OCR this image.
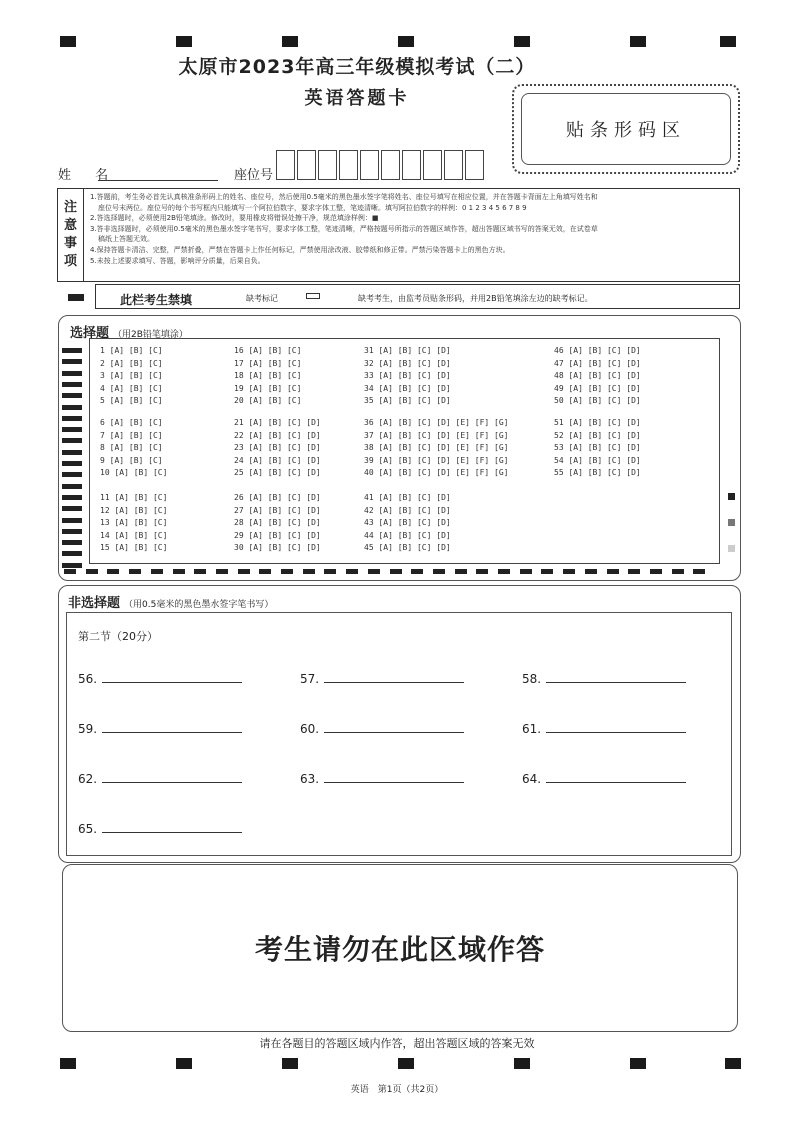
太原市2023年高三年级模拟考试（二）
英语答题卡
贴条形码区
姓 名	座位号
注
意
事
项
1.答题前，考生务必首先认真核准条形码上的姓名、座位号，然后使用0.5毫米的黑色墨水签字笔将姓名、座位号填写在相应位置，并在答题卡背面左上角填写姓名和
座位号末两位。座位号的每个书写框内只能填写一个阿拉伯数字，要求字体工整，笔迹清晰。填写阿拉伯数字的样例：0 1 2 3 4 5 6 7 8 9
2.答选择题时，必须使用2B铅笔填涂。修改时，要用橡皮将错误处擦干净，规范填涂样例：■
3.答非选择题时，必须使用0.5毫米的黑色墨水签字笔书写，要求字体工整，笔迹清晰，严格按题号所指示的答题区域作答，超出答题区域书写的答案无效，在试卷草
稿纸上答题无效。
4.保持答题卡清洁、完整，严禁折叠，严禁在答题卡上作任何标记，严禁使用涂改液、胶带纸和修正带。严禁污染答题卡上的黑色方块。
5.未按上述要求填写、答题，影响评分质量，后果自负。
此栏考生禁填	缺考标记	缺考考生，由监考员贴条形码，并用2B铅笔填涂左边的缺考标记。
选择题 （用2B铅笔填涂）
1 [A] [B] [C]
2 [A] [B] [C]
3 [A] [B] [C]
4 [A] [B] [C]
5 [A] [B] [C]
6 [A] [B] [C]
7 [A] [B] [C]
8 [A] [B] [C]
9 [A] [B] [C]
10 [A] [B] [C]
11 [A] [B] [C]
12 [A] [B] [C]
13 [A] [B] [C]
14 [A] [B] [C]
15 [A] [B] [C]
16 [A] [B] [C]
17 [A] [B] [C]
18 [A] [B] [C]
19 [A] [B] [C]
20 [A] [B] [C]
21 [A] [B] [C] [D]
22 [A] [B] [C] [D]
23 [A] [B] [C] [D]
24 [A] [B] [C] [D]
25 [A] [B] [C] [D]
26 [A] [B] [C] [D]
27 [A] [B] [C] [D]
28 [A] [B] [C] [D]
29 [A] [B] [C] [D]
30 [A] [B] [C] [D]
31 [A] [B] [C] [D]
32 [A] [B] [C] [D]
33 [A] [B] [C] [D]
34 [A] [B] [C] [D]
35 [A] [B] [C] [D]
36 [A] [B] [C] [D] [E] [F] [G]
37 [A] [B] [C] [D] [E] [F] [G]
38 [A] [B] [C] [D] [E] [F] [G]
39 [A] [B] [C] [D] [E] [F] [G]
40 [A] [B] [C] [D] [E] [F] [G]
41 [A] [B] [C] [D]
42 [A] [B] [C] [D]
43 [A] [B] [C] [D]
44 [A] [B] [C] [D]
45 [A] [B] [C] [D]
46 [A] [B] [C] [D]
47 [A] [B] [C] [D]
48 [A] [B] [C] [D]
49 [A] [B] [C] [D]
50 [A] [B] [C] [D]
51 [A] [B] [C] [D]
52 [A] [B] [C] [D]
53 [A] [B] [C] [D]
54 [A] [B] [C] [D]
55 [A] [B] [C] [D]
非选择题 （用0.5毫米的黑色墨水签字笔书写）
第二节（20分）
56.	57.	58.
59.	60.	61.
62.	63.	64.
65.
考生请勿在此区域作答
请在各题目的答题区域内作答，超出答题区域的答案无效
英语　第1页（共2页）
